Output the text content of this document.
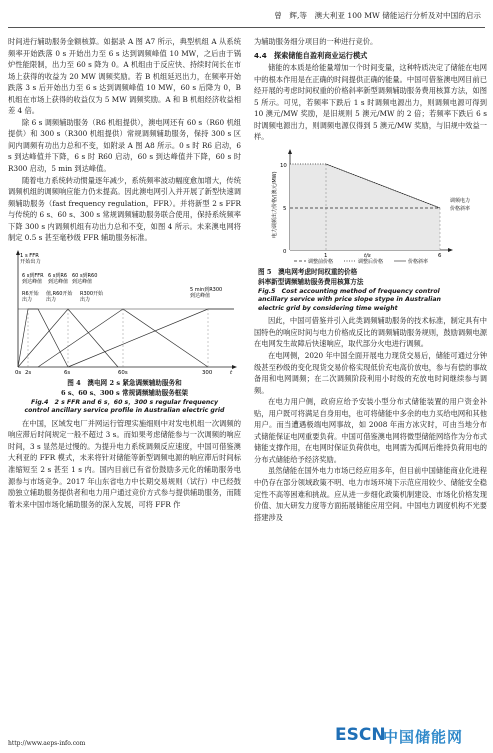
曾　辉,等　澳大利亚 100 MW 储能运行分析及对中国的启示

时间进行辅助服务金额核算。如据录 A 图 A7 所示，典型机组 A 从系统频率开始跌落 0 s 开始出力至 6 s 达到调频峰值 10 MW，之后由于锅炉性能限制，出力至 60 s 降为 0。A 机组由于反应快、持续时间长在市场上获得的收益为 20 MW 调频奖励。若 B 机组延迟出力，在频率开始跌落 3 s 后开始出力至 6 s 达到调频峰值 10 MW，60 s 后降为 0，B 机组在市场上获得的收益仅为 5 MW 调频奖励。A 和 B 机组经济收益相差 4 倍。

除 6 s 调频辅助服务（R6 机组提供），澳电网还有 60 s（R60 机组提供）和 300 s（R300 机组提供）常规调频辅助服务，保持 300 s 区间内调频有功出力总和不变，如附录 A 图 A8 所示。0 s 时 R6 启动，6 s 到达峰值并下降，6 s 时 R60 启动，60 s 到达峰值并下降，60 s 时 R300 启动，5 min 到达峰值。

随着电力系统转动惯量逐年减少，系统频率波动幅度愈加增大，传统调频机组的调频响应能力仍未提高。因此澳电网引入并开展了新型快速调频辅助服务（fast frequency regulation，FFR）。并将新型 2 s FFR 与传统的 6 s、60 s、300 s 常规调频辅助服务联合使用，保持系统频率下降 300 s 内调频机组有功出力总和不变，如图 4 所示。未来澳电网将制定 0.5 s 甚至毫秒级 FFR 辅助服务标准。

1 s FFR 开始出力
6 s到FFR 到达峰值
6 s到R6 到达峰值
60 s到R60 到达峰值
R6开始出力
值,R60开始出力
R300开始出力
5 min到R300 到达峰值
0s 2s	6s	60s	300	t
图 4　澳电网 2 s 紧急调频辅助服务和
6 s、60 s、300 s 常规调频辅助服务框架
Fig.4　2 s FFR and 6 s，60 s，300 s regular frequency
control ancillary service profile in Australian electric grid

在中国，区域发电厂并网运行管理实施细则中对发电机组一次调频的响应滞后时间规定一般不超过 3 s。而如果考虑储能参与一次调频的响应时间，3 s 显然是过慢的。为提升电力系统调频反应速度，中国可借鉴澳大利亚的 FFR 模式，未来将针对储能等新型调频电源的响应滞后时间标准缩短至 2 s 甚至 1 s 内。国内目前已有省份鼓励多元化的辅助服务电源参与市场竞争。2017 年山东省电力中长期交易规则（试行）中已经鼓励独立辅助服务提供者和电力用户通过竞价方式参与提供辅助服务，而随着未来中国市场化辅助服务的深入发展，可将 FFR 作

为辅助服务细分项目的一种进行竞价。

4.4　探索储能自盈利商业运行模式

储能的本质是给能量增加一个时间变量，这种特质决定了储能在电网中的根本作用是在正确的时间提供正确的能量。中国可借鉴澳电网目前已经开展的考虑时间权重的价格斜率新型调频辅助服务费用核算方法，如图 5 所示。可见，若频率下跌后 1 s 时调频电源出力，则调频电源可得到 10 澳元/MW 奖励，是旧规则 5 澳元/MW 的 2 倍；若频率下跌后 6 s 时调频电源出力，则调频电源仅得到 5 澳元/MW 奖励，与旧规中效益一样。

电力调频出力价格/(澳元/MW)
10
5
0
1	6
t/s
调频电力
价格斜率
调整前价格	调整后价格	价格斜率
图 5　澳电网考虑时间权重的价格
斜率新型调频辅助服务费用核算方法
Fig.5　Cost accounting method of frequency control
ancillary service with price slope stype in Australian
electric grid by considering time weight

因此，中国可借鉴并引入此类调频辅助服务的技术标准，制定具有中国特色的响应时间与电力价格成反比的调频辅助服务规则，鼓励调频电源在电网发生故障后快速响应，取代部分火电进行调频。

在电网侧，2020 年中国全面开展电力现货交易后，储能可通过分钟级甚至秒级的变化现货交易价格实现低价充电高价放电，参与有偿的事故备用和电网调频；在二次调频阶段利用小时级的充放电时间继续参与调频。

在电力用户侧，政府应给予安装小型分布式储能装置的用户资金补贴，用户既可将满足自身用电，也可将储能中多余的电力买给电网和其他用户。而当遭遇极端电网事故，如 2008 年南方冰灾时，可由当地分布式储能保证电网重要负荷。中国可借鉴澳电网将微型储能网络作为分布式储能支撑作用，在电网时保证负荷供电，电网需为孤网后维持负荷用电的分布式储能给予经济奖励。

虽然储能在国外电力市场已经应用多年，但目前中国储能商业化进程中仍存在部分领域政策不明、电力市场环境下示范应用较少、储能安全稳定性不高等困难和挑战。应从进一步细化政策机制建设、市场化价格发现价值、加大研发力度等方面拓展储能应用空间。中国电力调度机构不光要搭建涉及

http://www.aeps-info.com	ESCN
中国储能网
